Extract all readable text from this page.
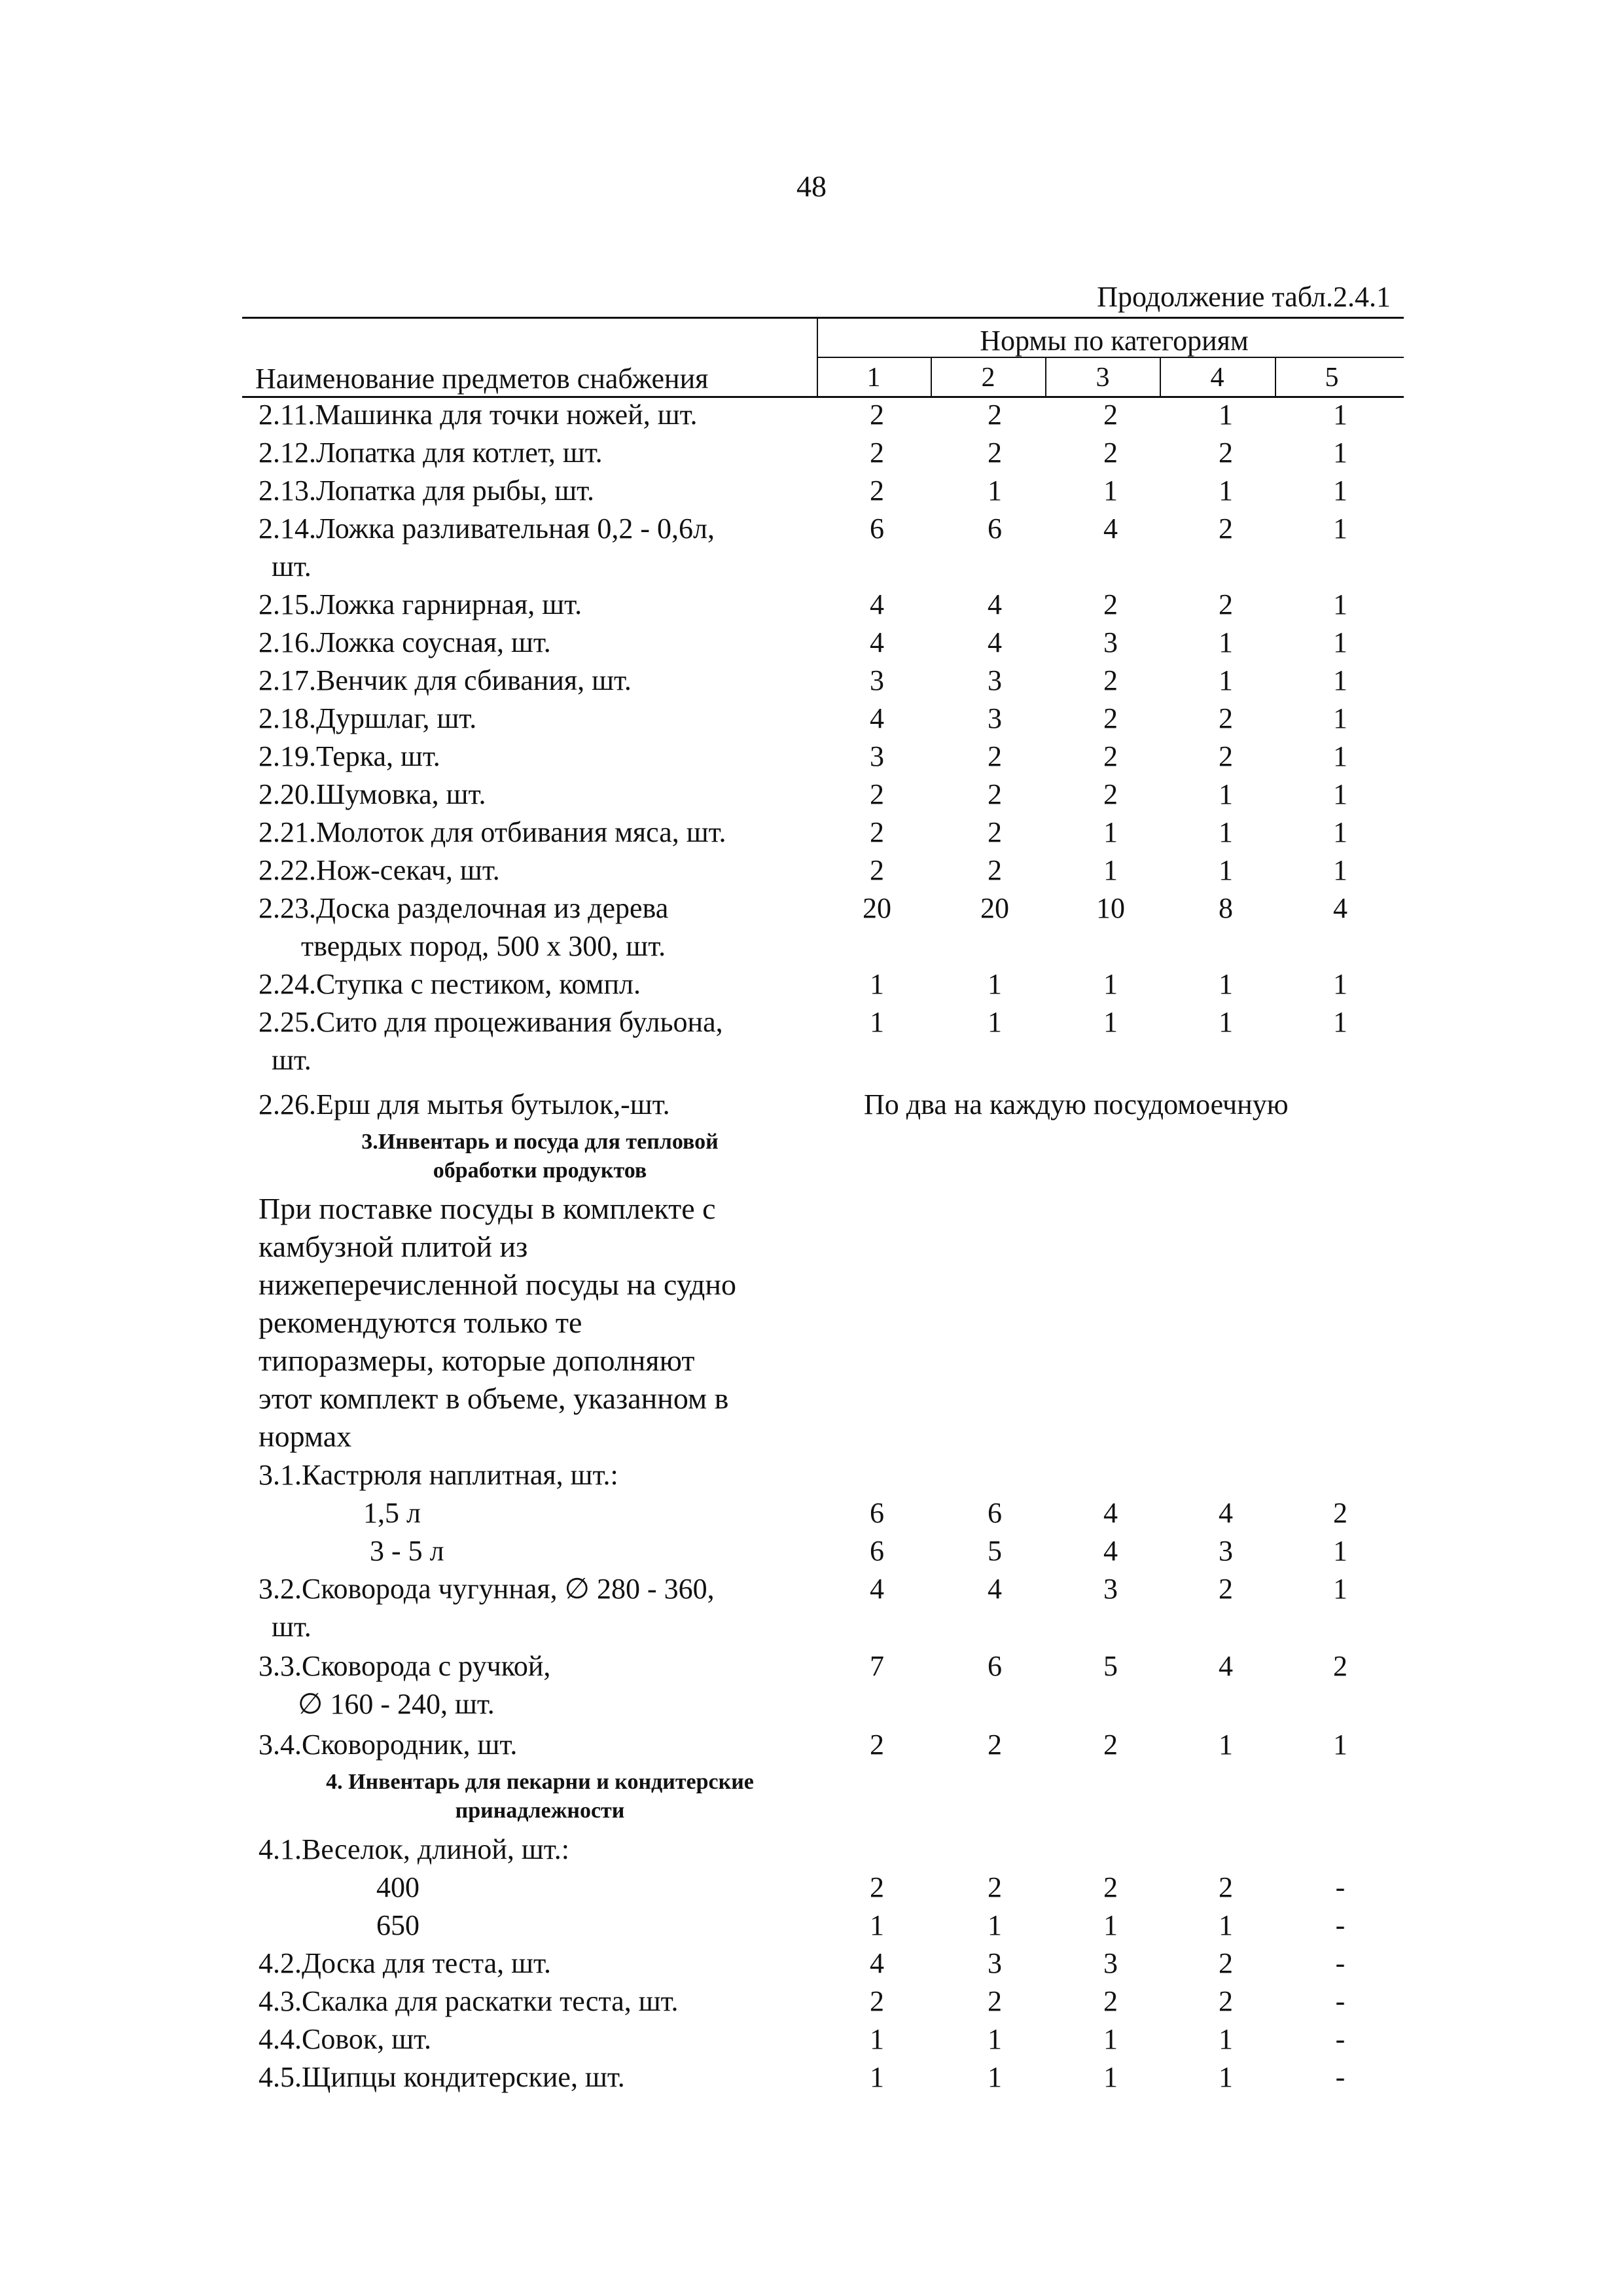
48
Продолжение табл.2.4.1
Наименование предметов снабжения
Нормы по категориям
1	2	3	4	5
2.11.Машинка для точки ножей, шт.	2	2	2	1	1
2.12.Лопатка для котлет, шт.	2	2	2	2	1
2.13.Лопатка для рыбы, шт.	2	1	1	1	1
2.14.Ложка разливательная 0,2 - 0,6л,	6	6	4	2	1
шт.
2.15.Ложка гарнирная, шт.	4	4	2	2	1
2.16.Ложка соусная, шт.	4	4	3	1	1
2.17.Венчик для сбивания, шт.	3	3	2	1	1
2.18.Дуршлаг, шт.	4	3	2	2	1
2.19.Терка, шт.	3	2	2	2	1
2.20.Шумовка, шт.	2	2	2	1	1
2.21.Молоток для отбивания мяса, шт.	2	2	1	1	1
2.22.Нож-секач, шт.	2	2	1	1	1
2.23.Доска разделочная из дерева	20	20	10	8	4
твердых пород, 500 х 300, шт.
2.24.Ступка с пестиком, компл.	1	1	1	1	1
2.25.Сито для процеживания бульона,	1	1	1	1	1
шт.
2.26.Ерш для мытья бутылок,-шт.	По два на каждую посудомоечную
3.Инвентарь и посуда для тепловой
обработки продуктов
При поставке посуды в комплекте с
камбузной плитой из
нижеперечисленной посуды на судно
рекомендуются только те
типоразмеры, которые дополняют
этот комплект в объеме, указанном в
нормах
3.1.Кастрюля наплитная, шт.:
1,5 л	6	6	4	4	2
3 - 5 л	6	5	4	3	1
3.2.Сковорода чугунная, ∅ 280 - 360,	4	4	3	2	1
шт.
3.3.Сковорода с ручкой,	7	6	5	4	2
∅ 160 - 240, шт.
3.4.Сковородник, шт.	2	2	2	1	1
4. Инвентарь для пекарни и кондитерские
принадлежности
4.1.Веселок, длиной, шт.:
400	2	2	2	2	-
650	1	1	1	1	-
4.2.Доска для теста, шт.	4	3	3	2	-
4.3.Скалка для раскатки теста, шт.	2	2	2	2	-
4.4.Совок, шт.	1	1	1	1	-
4.5.Щипцы кондитерские, шт.	1	1	1	1	-
